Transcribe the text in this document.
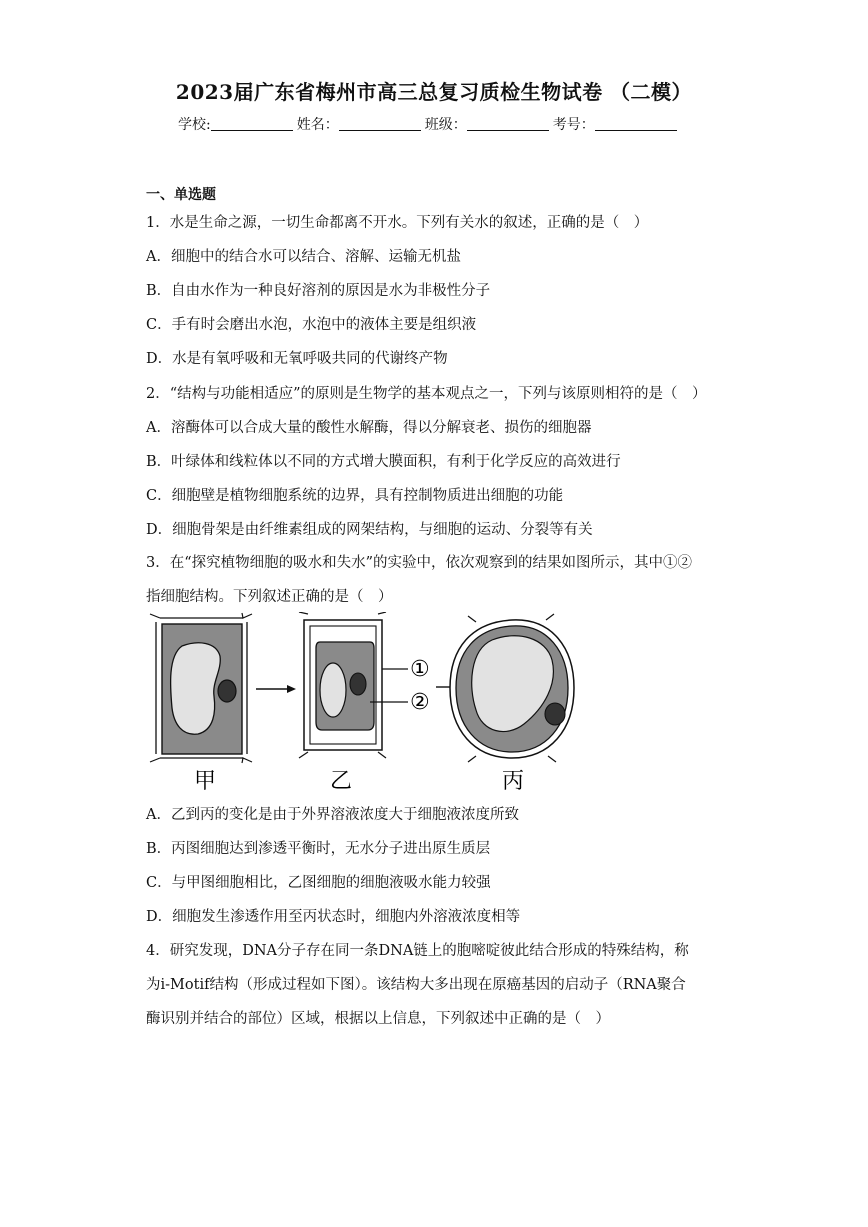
2023届广东省梅州市高三总复习质检生物试卷 （二模）
学校:	姓名：	班级：	考号：
一、单选题
1．水是生命之源，一切生命都离不开水。下列有关水的叙述，正确的是（　）
A．细胞中的结合水可以结合、溶解、运输无机盐
B．自由水作为一种良好溶剂的原因是水为非极性分子
C．手有时会磨出水泡，水泡中的液体主要是组织液
D．水是有氧呼吸和无氧呼吸共同的代谢终产物
2．“结构与功能相适应”的原则是生物学的基本观点之一，下列与该原则相符的是（　）
A．溶酶体可以合成大量的酸性水解酶，得以分解衰老、损伤的细胞器
B．叶绿体和线粒体以不同的方式增大膜面积，有利于化学反应的高效进行
C．细胞壁是植物细胞系统的边界，具有控制物质进出细胞的功能
D．细胞骨架是由纤维素组成的网架结构，与细胞的运动、分裂等有关
3．在“探究植物细胞的吸水和失水”的实验中，依次观察到的结果如图所示，其中①②
指细胞结构。下列叙述正确的是（　）
①
②
甲	乙	丙
A．乙到丙的变化是由于外界溶液浓度大于细胞液浓度所致
B．丙图细胞达到渗透平衡时，无水分子进出原生质层
C．与甲图细胞相比，乙图细胞的细胞液吸水能力较强
D．细胞发生渗透作用至丙状态时，细胞内外溶液浓度相等
4．研究发现，DNA分子存在同一条DNA链上的胞嘧啶彼此结合形成的特殊结构，称
为i-Motif结构（形成过程如下图）。该结构大多出现在原癌基因的启动子（RNA聚合
酶识别并结合的部位）区域，根据以上信息，下列叙述中正确的是（　）
